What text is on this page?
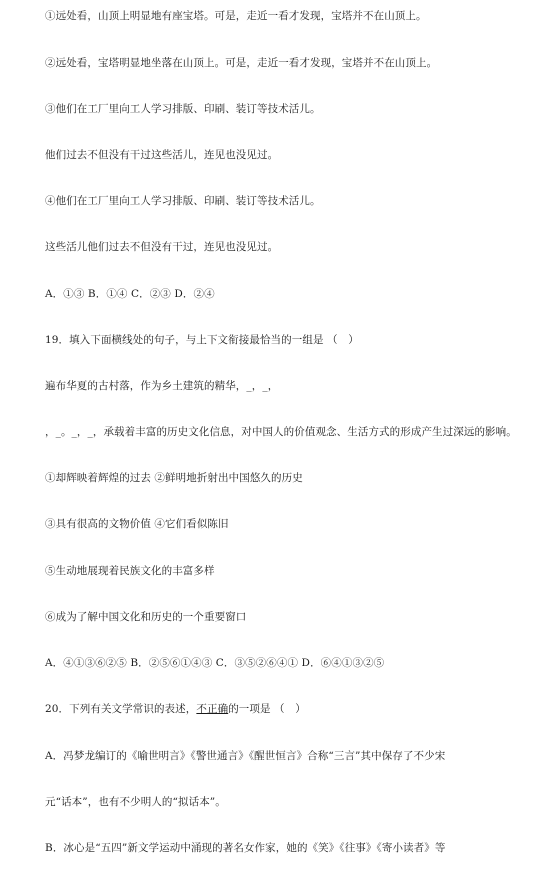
①远处看，山顶上明显地有座宝塔。可是，走近一看才发现，宝塔并不在山顶上。
②远处看，宝塔明显地坐落在山顶上。可是，走近一看才发现，宝塔并不在山顶上。
③他们在工厂里向工人学习排版、印刷、装订等技术活儿。
他们过去不但没有干过这些活儿，连见也没见过。
④他们在工厂里向工人学习排版、印刷、装订等技术活儿。
这些活儿他们过去不但没有干过，连见也没见过。
A．①③ B．①④ C．②③ D．②④
19．填入下面横线处的句子，与上下文衔接最恰当的一组是 （　）
遍布华夏的古村落，作为乡土建筑的精华，_，_，
，_。_，_，承载着丰富的历史文化信息，对中国人的价值观念、生活方式的形成产生过深远的影响。
①却辉映着辉煌的过去 ②鲜明地折射出中国悠久的历史
③具有很高的文物价值 ④它们看似陈旧
⑤生动地展现着民族文化的丰富多样
⑥成为了解中国文化和历史的一个重要窗口
A．④①③⑥②⑤ B．②⑤⑥①④③ C．③⑤②⑥④① D．⑥④①③②⑤
20．下列有关文学常识的表述，不正确的一项是 （　）
A．冯梦龙编订的《喻世明言》《警世通言》《醒世恒言》合称“三言”其中保存了不少宋
元“话本”，也有不少明人的“拟话本”。
B．冰心是“五四”新文学运动中涌现的著名女作家，她的《笑》《往事》《寄小读者》等
